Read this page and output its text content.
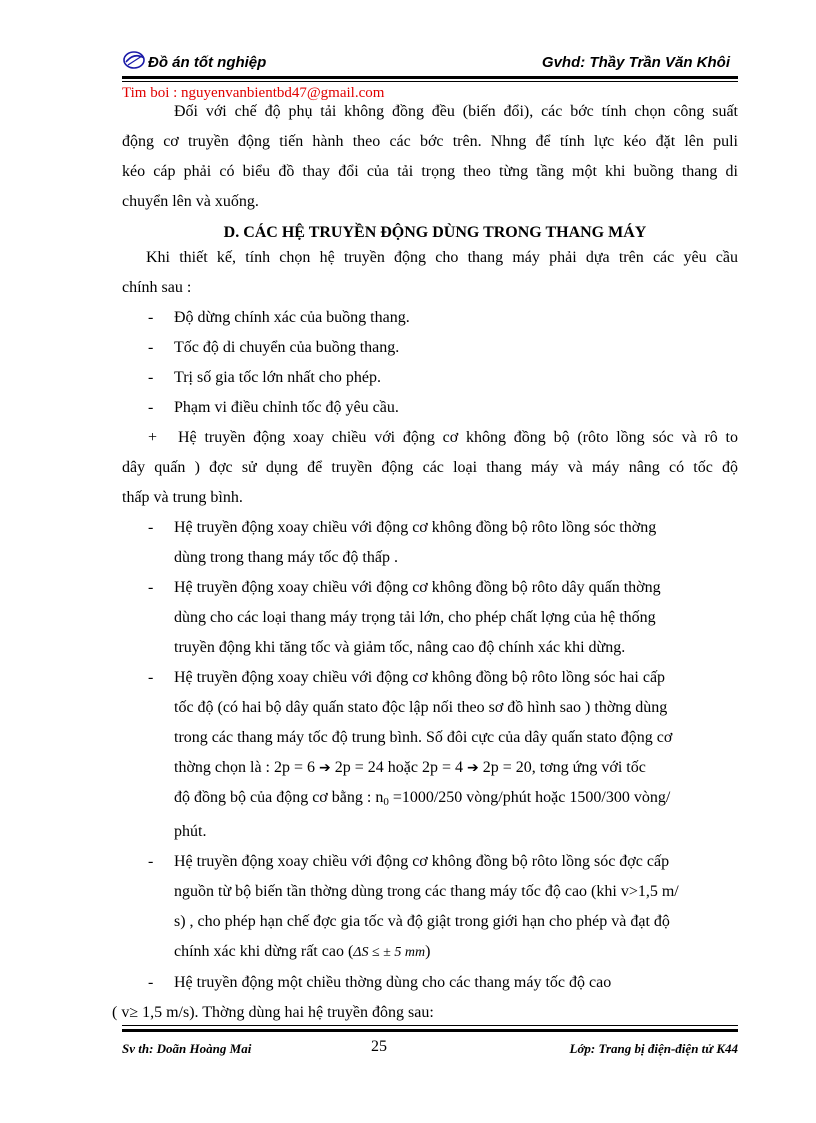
Đồ án tốt nghiệp	Gvhd: Thầy Trần Văn Khôi
Tim boi : nguyenvanbientbd47@gmail.com

Đối với chế độ phụ tải không đồng đều (biến đổi), các bớc tính chọn công suất

động cơ truyền động tiến hành theo các bớc trên. Nhng để tính lực kéo đặt lên puli

kéo cáp phải có biểu đồ thay đổi của tải trọng theo từng tầng một khi buồng thang di

chuyển lên và xuống.

D. CÁC HỆ TRUYỀN ĐỘNG DÙNG TRONG THANG MÁY

Khi thiết kế, tính chọn hệ truyền động cho thang máy phải dựa trên các yêu cầu

chính sau :

-	Độ dừng chính xác của buồng thang.
-	Tốc độ di chuyển của buồng thang.
-	Trị số gia tốc lớn nhất cho phép.
-	Phạm vi điều chỉnh tốc độ yêu cầu.

+ Hệ truyền động xoay chiều với động cơ không đồng bộ (rôto lồng sóc và rô to

dây quấn ) đợc sử dụng để truyền động các loại thang máy và máy nâng có tốc độ

thấp và trung bình.

-	Hệ truyền động xoay chiều với động cơ không đồng bộ rôto lồng sóc thờng
dùng trong thang máy tốc độ thấp .
-	Hệ truyền động xoay chiều với động cơ không đồng bộ rôto dây quấn thờng
dùng cho các loại thang máy trọng tải lớn, cho phép chất lợng của hệ thống
truyền động khi tăng tốc và giảm tốc, nâng cao độ chính xác khi dừng.
-	Hệ truyền động xoay chiều với động cơ không đồng bộ rôto lồng sóc hai cấp
tốc độ (có hai bộ dây quấn stato độc lập nối theo sơ đồ hình sao ) thờng dùng
trong các thang máy tốc độ trung bình. Số đôi cực của dây quấn stato động cơ
thờng chọn là : 2p = 6 ➔ 2p = 24 hoặc 2p = 4 ➔ 2p = 20, tơng ứng với tốc
độ đồng bộ của động cơ bằng : $n_0 =1000/250$ vòng/phút hoặc 1500/300 vòng/
phút.
-	Hệ truyền động xoay chiều với động cơ không đồng bộ rôto lồng sóc đợc cấp
nguồn từ bộ biến tần thờng dùng trong các thang máy tốc độ cao (khi v>1,5 m/
s) , cho phép hạn chế đợc gia tốc và độ giật trong giới hạn cho phép và đạt độ
chính xác khi dừng rất cao (ΔS ≤ ± 5 mm)
-	Hệ truyền động một chiều thờng dùng cho các thang máy tốc độ cao

( v≥ 1,5 m/s). Thờng dùng hai hệ truyền đông sau:

Sv th: Doãn Hoàng Mai	25	Lớp: Trang bị điện-điện tử K44
